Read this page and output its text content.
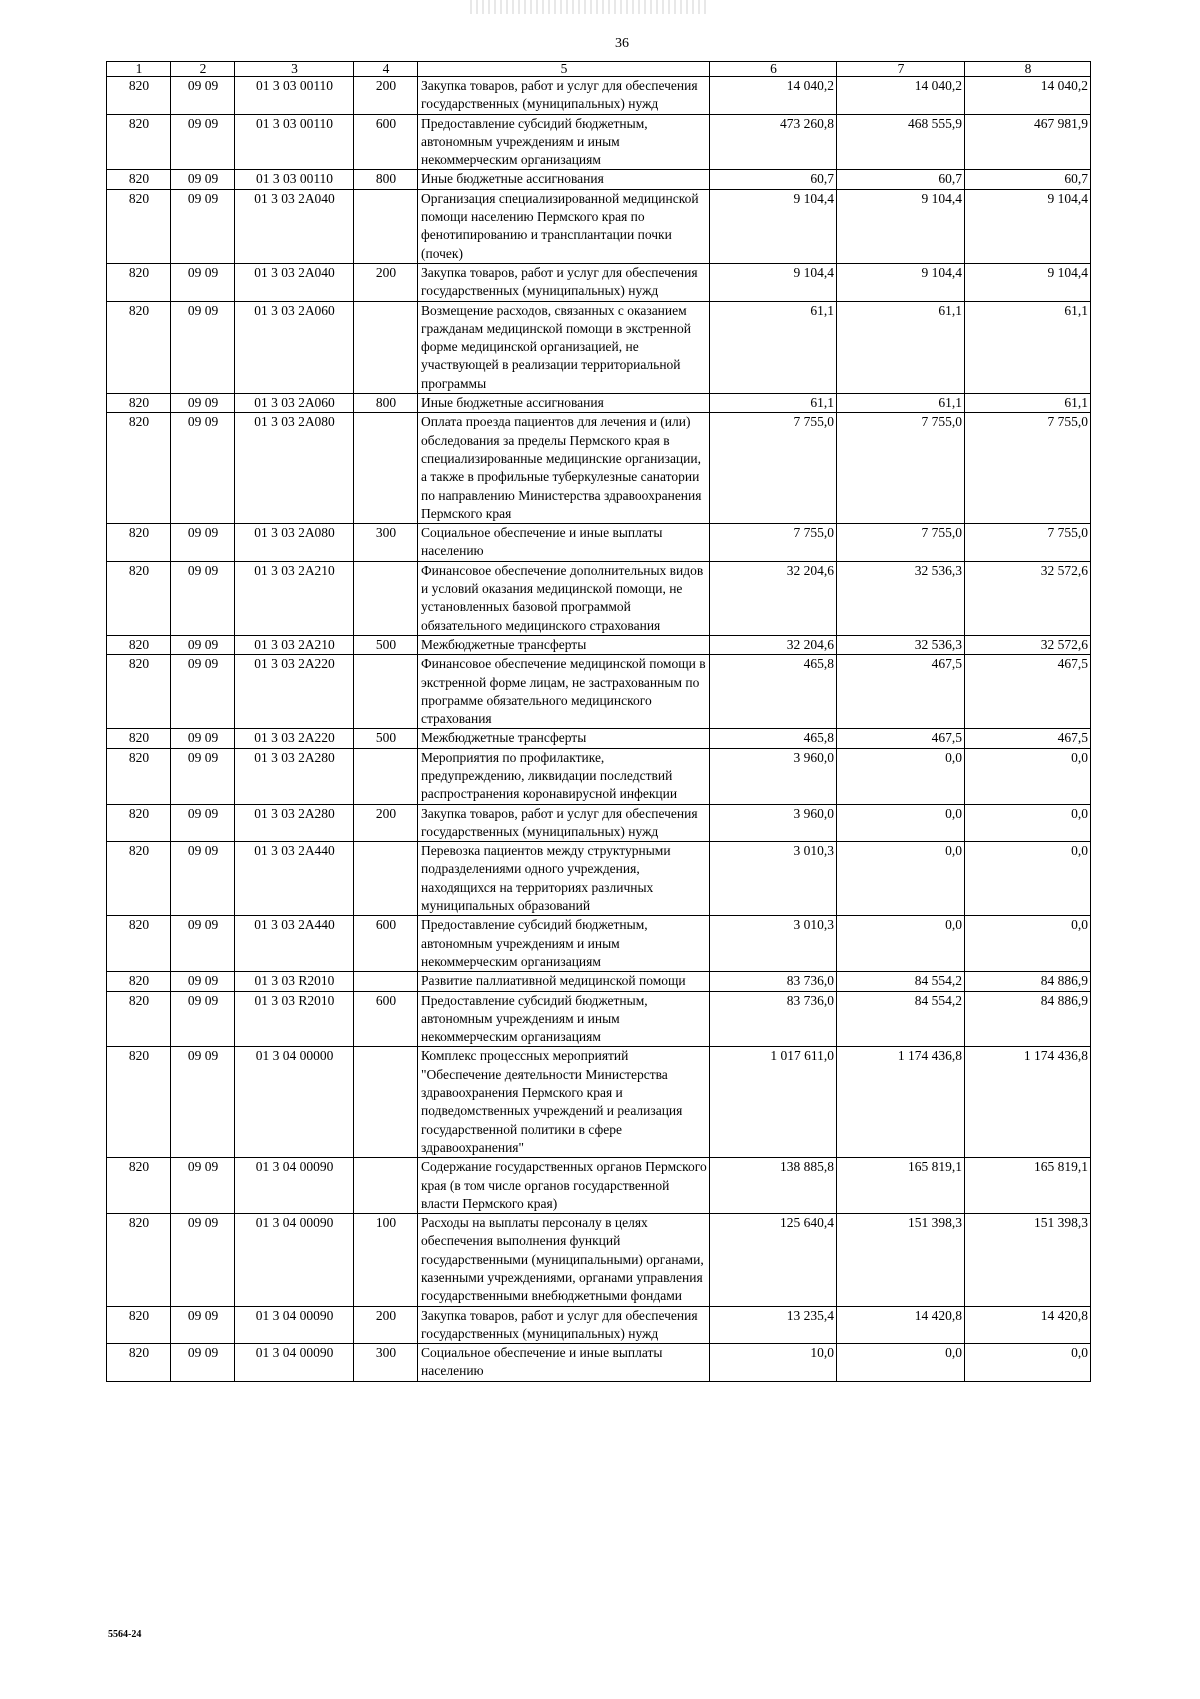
36
1	2	3	4	5	6	7	8
820	09 09	01 3 03 00110	200	Закупка товаров, работ и услуг для обеспечения государственных (муниципальных) нужд	14 040,2	14 040,2	14 040,2
820	09 09	01 3 03 00110	600	Предоставление субсидий бюджетным, автономным учреждениям и иным некоммерческим организациям	473 260,8	468 555,9	467 981,9
820	09 09	01 3 03 00110	800	Иные бюджетные ассигнования	60,7	60,7	60,7
820	09 09	01 3 03 2A040		Организация специализированной медицинской помощи населению Пермского края по фенотипированию и трансплантации почки (почек)	9 104,4	9 104,4	9 104,4
820	09 09	01 3 03 2A040	200	Закупка товаров, работ и услуг для обеспечения государственных (муниципальных) нужд	9 104,4	9 104,4	9 104,4
820	09 09	01 3 03 2A060		Возмещение расходов, связанных с оказанием гражданам медицинской помощи в экстренной форме медицинской организацией, не участвующей в реализации территориальной программы	61,1	61,1	61,1
820	09 09	01 3 03 2A060	800	Иные бюджетные ассигнования	61,1	61,1	61,1
820	09 09	01 3 03 2A080		Оплата проезда пациентов для лечения и (или) обследования за пределы Пермского края в специализированные медицинские организации, а также в профильные туберкулезные санатории по направлению Министерства здравоохранения Пермского края	7 755,0	7 755,0	7 755,0
820	09 09	01 3 03 2A080	300	Социальное обеспечение и иные выплаты населению	7 755,0	7 755,0	7 755,0
820	09 09	01 3 03 2A210		Финансовое обеспечение дополнительных видов и условий оказания медицинской помощи, не установленных базовой программой обязательного медицинского страхования	32 204,6	32 536,3	32 572,6
820	09 09	01 3 03 2A210	500	Межбюджетные трансферты	32 204,6	32 536,3	32 572,6
820	09 09	01 3 03 2A220		Финансовое обеспечение медицинской помощи в экстренной форме лицам, не застрахованным по программе обязательного медицинского страхования	465,8	467,5	467,5
820	09 09	01 3 03 2A220	500	Межбюджетные трансферты	465,8	467,5	467,5
820	09 09	01 3 03 2A280		Мероприятия по профилактике, предупреждению, ликвидации последствий распространения коронавирусной инфекции	3 960,0	0,0	0,0
820	09 09	01 3 03 2A280	200	Закупка товаров, работ и услуг для обеспечения государственных (муниципальных) нужд	3 960,0	0,0	0,0
820	09 09	01 3 03 2A440		Перевозка пациентов между структурными подразделениями одного учреждения, находящихся на территориях различных муниципальных образований	3 010,3	0,0	0,0
820	09 09	01 3 03 2A440	600	Предоставление субсидий бюджетным, автономным учреждениям и иным некоммерческим организациям	3 010,3	0,0	0,0
820	09 09	01 3 03 R2010		Развитие паллиативной медицинской помощи	83 736,0	84 554,2	84 886,9
820	09 09	01 3 03 R2010	600	Предоставление субсидий бюджетным, автономным учреждениям и иным некоммерческим организациям	83 736,0	84 554,2	84 886,9
820	09 09	01 3 04 00000		Комплекс процессных мероприятий "Обеспечение деятельности Министерства здравоохранения Пермского края и подведомственных учреждений и реализация государственной политики в сфере здравоохранения"	1 017 611,0	1 174 436,8	1 174 436,8
820	09 09	01 3 04 00090		Содержание государственных органов Пермского края (в том числе органов государственной власти Пермского края)	138 885,8	165 819,1	165 819,1
820	09 09	01 3 04 00090	100	Расходы на выплаты персоналу в целях обеспечения выполнения функций государственными (муниципальными) органами, казенными учреждениями, органами управления государственными внебюджетными фондами	125 640,4	151 398,3	151 398,3
820	09 09	01 3 04 00090	200	Закупка товаров, работ и услуг для обеспечения государственных (муниципальных) нужд	13 235,4	14 420,8	14 420,8
820	09 09	01 3 04 00090	300	Социальное обеспечение и иные выплаты населению	10,0	0,0	0,0
5564-24
